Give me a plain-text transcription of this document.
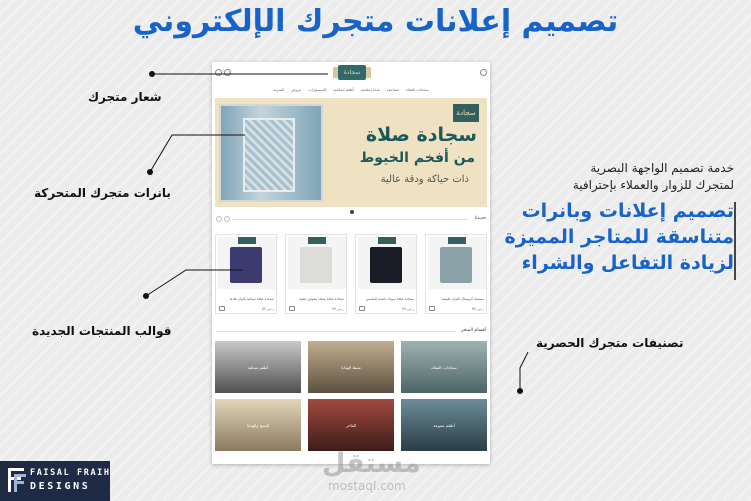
تصميم إعلانات متجرك الإلكتروني
سجادة
سجادات الصلاة
مصاحف
هدايا إسلامية
أطقم إسلامية
إكسسوارات
عروض
المدونة
سجادة
سجادة صلاة
من أفخم الخيوط
ذات حياكة ودقة عالية
جديدنا
سجادة صلاة نسائية بألوان هادئة
85 ر.س
سجادة صلاة بيضاء بنقوش ذهبية
90 ر.س
سجادة صلاة سوداء ناعمة الملمس
95 ر.س
مسبحة كريستال بألوان طبيعية
60 ر.س
أقسام المتجر
سجادات الصلاة
شنط الهدايا
أطقم نسائية
أطقم متنوعة
الفاخر
السبح والهدايا
شعار متجرك
بانرات متجرك المتحركة
قوالب المنتجات الجديدة
تصنيفات متجرك الحصرية
خدمة تصميم الواجهة البصرية
لمتجرك للزوار والعملاء بإحترافية
تصميم إعلانات وبانرات
متناسقة للمتاجر المميزة
لزيادة التفاعل والشراء
FAISAL FRAIH
DESIGNS
مستقل
mostaql.com
